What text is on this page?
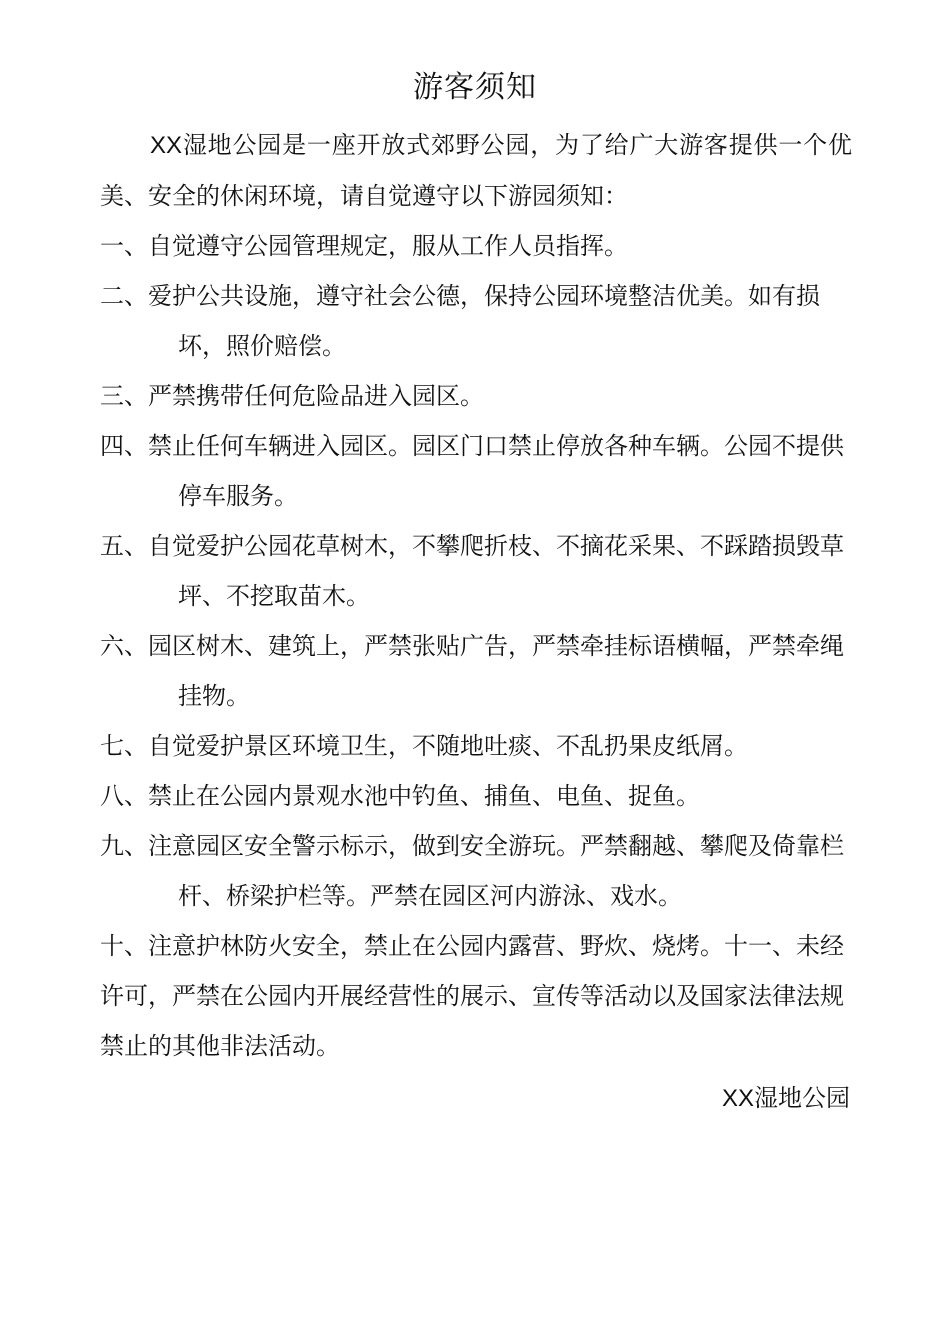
游客须知

XX湿地公园是一座开放式郊野公园，为了给广大游客提供一个优美、安全的休闲环境，请自觉遵守以下游园须知：

一、自觉遵守公园管理规定，服从工作人员指挥。
二、爱护公共设施，遵守社会公德，保持公园环境整洁优美。如有损坏，照价赔偿。
三、严禁携带任何危险品进入园区。
四、禁止任何车辆进入园区。园区门口禁止停放各种车辆。公园不提供停车服务。
五、自觉爱护公园花草树木，不攀爬折枝、不摘花采果、不踩踏损毁草坪、不挖取苗木。
六、园区树木、建筑上，严禁张贴广告，严禁牵挂标语横幅，严禁牵绳挂物。
七、自觉爱护景区环境卫生，不随地吐痰、不乱扔果皮纸屑。
八、禁止在公园内景观水池中钓鱼、捕鱼、电鱼、捉鱼。
九、注意园区安全警示标示，做到安全游玩。严禁翻越、攀爬及倚靠栏杆、桥梁护栏等。严禁在园区河内游泳、戏水。
十、注意护林防火安全，禁止在公园内露营、野炊、烧烤。十一、未经许可，严禁在公园内开展经营性的展示、宣传等活动以及国家法律法规禁止的其他非法活动。
XX湿地公园
